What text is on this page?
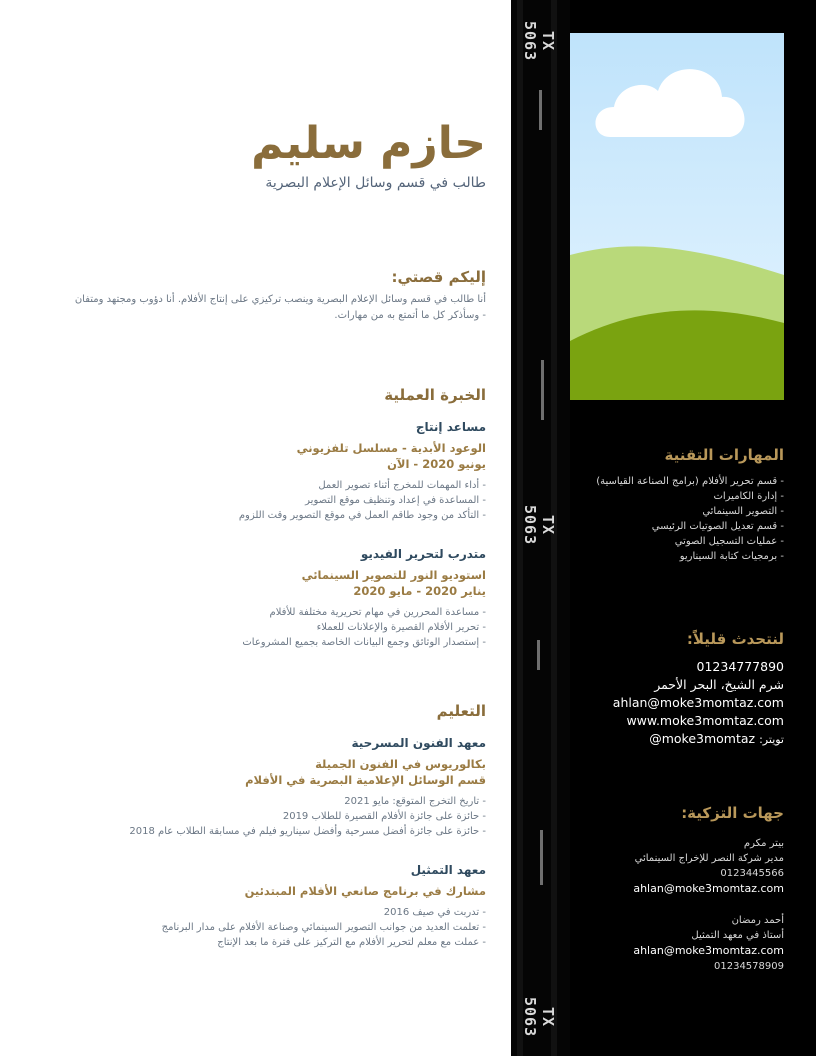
TX 5063
TX 5063
TX 5063
المهارات التقنية
- قسم تحرير الأفلام (برامج الصناعة القياسية)
- إدارة الكاميرات
- التصوير السينمائي
- قسم تعديل الصوتيات الرئيسي
- عمليات التسجيل الصوتي
- برمجيات كتابة السيناريو
لنتحدث قليلاً:
01234777890
شرم الشيخ، البحر الأحمر
ahlan@moke3momtaz.com
www.moke3momtaz.com
تويتر: @moke3momtaz
جهات التزكية:
بيتر مكرم
مدير شركة النصر للإخراج السينمائي
0123445566
ahlan@moke3momtaz.com
أحمد رمضان
أستاذ في معهد التمثيل
ahlan@moke3momtaz.com
01234578909
حازم سليم
طالب في قسم وسائل الإعلام البصرية
إليكم قصتي:
أنا طالب في قسم وسائل الإعلام البصرية وينصب تركيزي على إنتاج الأفلام. أنا دؤوب ومجتهد ومتفان
- وسأذكر كل ما أتمتع به من مهارات.
الخبرة العملية
مساعد إنتاج
الوعود الأبدية - مسلسل تلفزيوني
يونيو 2020 - الآن
- أداء المهمات للمخرج أثناء تصوير العمل
- المساعدة في إعداد وتنظيف موقع التصوير
- التأكد من وجود طاقم العمل في موقع التصوير وقت اللزوم
متدرب لتحرير الفيديو
استوديو النور للتصوير السينمائي
يناير 2020 - مايو 2020
- مساعدة المحررين في مهام تحريرية مختلفة للأفلام
- تحرير الأفلام القصيرة والإعلانات للعملاء
- إستصدار الوثائق وجمع البيانات الخاصة بجميع المشروعات
التعليم
معهد الفنون المسرحية
بكالوريوس في الفنون الجميلة
قسم الوسائل الإعلامية البصرية في الأفلام
- تاريخ التخرج المتوقع: مايو 2021
- حائزة على جائزة الأفلام القصيرة للطلاب 2019
- حائزة على جائزة أفضل مسرحية وأفضل سيناريو فيلم في مسابقة الطلاب عام 2018
معهد التمثيل
مشارك في برنامج صانعي الأفلام المبتدئين
- تدربت في صيف 2016
- تعلمت العديد من جوانب التصوير السينمائي وصناعة الأفلام على مدار البرنامج
- عملت مع معلم لتحرير الأفلام مع التركيز على فترة ما بعد الإنتاج
